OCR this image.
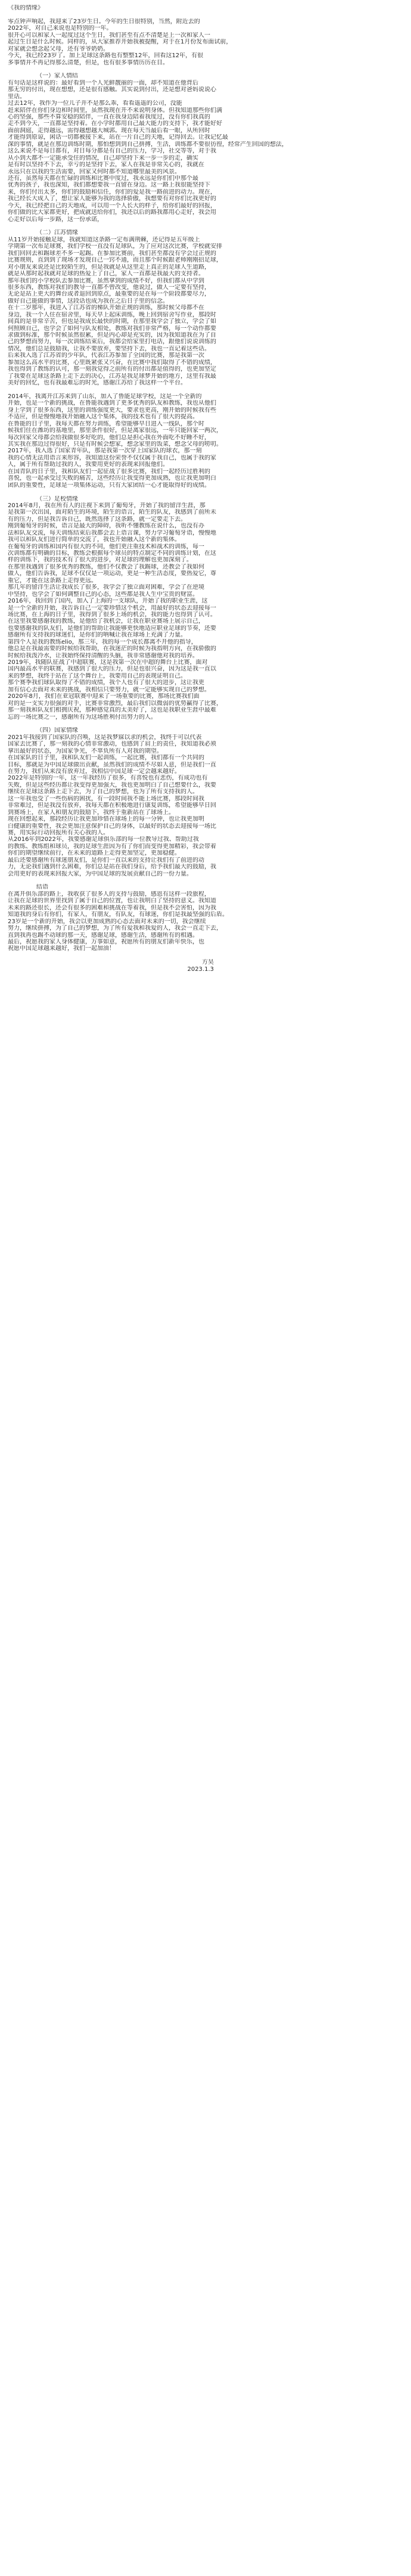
《我的情缘》
零点钟声响起，我迎来了23岁生日。今年的生日很特别，当然，附近去的
2022年，对自己来说也是特别的一年。
很开心可以和家人一起度过这个生日，我们甚至有点不清楚是上一次和家人一
起过生日是什么时候。同样的，从大家推荐开始我被提醒，对于在1月份发布面试前，
对家就会想念起父母，还有爷爷奶奶。
今天，我已经23岁了。加上足球这条路也有整整12年，回看这12年，有很
多事情并不再记得那么清楚，但是，也有很多事情历历在目。
（一）家人情结
有句话是这样说的：最好看到一个人光鲜靓丽的一面，却不知道在他背后
那无穷的付出，现在想想，还是很有感触。其实说到付出，还是想对爸妈说说心
里话。
过去12年，我作为一位儿子并不是那么乖，看看遥遥的公司，没能
赶来陪伴在你们身边和时间里，虽然我现在开不来说明身体。但我知道那些你们满
心的坚强，那些不算安稳的陪伴，一直在我身边陪着我度过，没有你们我真的
走不到今天，一直都是坚持着。在小学时都用自己最大能力的支持下，我才能好好
面前洞庭，走得越远，需得越想越大城郭。现在每天当最后看一眼，从所回时
才能得到原谅，闲话一切都被接下来，站在一片自己的天地，记得回去。让我记忆最
深的事情，就是在那边训练时期，那怕想到到自己拼搏，生活，训练都不要很彷徨，经常产生回国的想法，
这么来说不是每日都有，对日每分都是有自己的压力，学习，社交等等，对于我
从小到大都不一定能承受住的情况，自己却坚持下来一步一步的走，确实
是有时以坚持不下去，幸亏的是坚持下去，家人在我是非常关心的，我就在
永远只在以我的生活需要，回家又何时都不知道哪里最美的风景。
还有，虽然每天都在忙碌的训练和比赛中度过，我永远是你们们中那个最
优秀的孩子，我也深知，我们都想要我一直留在身边。这一路上我很能坚持下
来，你们付出太多，你们的鼓励和信任，你们的爱是我一路前进的动力。现在，
我已经长大成人了，想让家人能够为我的选择骄傲，我想要有对你们比我更好的
今天，我已经把自己的天地成，可以用一个人长大的样子，给你们最好的回报，
你们做的比大家都更好，把成就送给你们，我还以后的路我都用心走好，我会用
心走好以后每一步路，这一份承诺，
（二）江苏情缘
从11岁开始接触足球，我就知道这条路一定布满荆棘，还记得是五年级上
学期第一次布足球赛，我们学校一直没有足球队，为了应对这次比赛，学校就安排
我们回回去和踢球差不多一起踢。在参加比赛前，我们甚至都没有学会过正规的
比赛规则，直到到了现场才发现自己一窍不通，而且那个时候跟老师刚刚招足球，
对小朋友来说还是比较陌生的，但是我就是从这里走上真正的足球人生道路，
就是从那时起我就对足球的热爱上了自己，家人一直都是我最大的支持者。
那年我们的小学校队去参加比赛，虽然拿到的成绩不好，但我们都从中学到
很多东西，教练对我们的教导一直都不曾改变，他说过，做人一定要有坚持，
无论是站上更大的舞台或者退回到原点，最重要的是在每一个阶段都要尽力，
做好自己能做的事情，这段话也成为我在之后日子里的信念。
在十二岁那年，我进入了江苏省的梯队开始正规的训练，那时候父母都不在
身边，我一个人住在宿舍里，每天早上起床训练，晚上回到宿舍写作业，那段时
间真的是非常辛苦，但也是我成长最快的时期，在那里我学会了独立，学会了如
何照顾自己，也学会了如何与队友相处，教练对我们非常严格，每一个动作都要
求做到标准，那个时候虽然很累，但是内心却是充实的，因为我知道我在为了自
己的梦想而努力，每一次训练结束后，我都会给家里打电话，跟他们说说训练的
情况，他们总是鼓励我，让我不要放弃，要坚持下去，我也一直记着这些话。
后来我入选了江苏省的少年队，代表江苏参加了全国的比赛，那是我第一次
参加这么高水平的比赛，心里既紧张又兴奋，在比赛中我们取得了不错的成绩，
我也得到了教练的认可，那一刻我觉得之前所有的付出都是值得的，也更加坚定
了我要在足球这条路上走下去的决心，江苏是我足球梦开始的地方，这里有我最
美好的回忆，也有我最难忘的时光，感谢江苏给了我这样一个平台。
2014年，我离开江苏来到了山东，加入了鲁能足球学校，这是一个全新的
开始，也是一个新的挑战，在鲁能我遇到了更多优秀的队友和教练，我也从他们
身上学到了很多东西，这里的训练强度更大，要求也更高，刚开始的时候我有些
不适应，但是慢慢地我开始融入这个集体，我的技术也有了很大的提高。
在鲁能的日子里，我每天都在努力训练，希望能够早日进入一线队，那个时
候我们住在潍坊的基地里，那里条件很好，但是离家很远，一年只能回家一两次，
每次回家父母都会给我做很多好吃的，他们总是担心我在外面吃不好睡不好，
其实我在那边过得很好，只是有时候会想家，想念家里的饭菜，想念父母的唠叨。
2017年，我入选了国家青年队，那是我第一次穿上国家队的球衣，那一刻
我的心情无法用语言来形容，我知道这份荣誉不仅仅属于我自己，也属于我的家
人，属于所有帮助过我的人，我要用更好的表现来回报他们。
在国青队的日子里，我和队友们一起征战了很多比赛，我们一起经历过胜利的
喜悦，也一起承受过失败的痛苦，这些经历让我变得更加成熟，也让我更加明白
团队的重要性，足球是一项集体运动，只有大家团结一心才能取得好的成绩。
（三）足校情缘
2014年8月，我在所有人的注视下来到了葡萄牙，开始了我的留洋生涯，那
是我第一次出国，面对陌生的环境，陌生的语言，陌生的队友，我感到了前所未
有的压力，但是我告诉自己，既然选择了这条路，就一定要走下去。
刚到葡萄牙的时候，语言是最大的障碍，我听不懂教练在说什么，也没有办
法和队友交流，每天训练结束后我都会去上语言课，努力学习葡萄牙语，慢慢地
我可以和队友们进行简单的交流了，我也开始融入这个新的集体。
在葡萄牙的训练和国内有很大的不同，他们更注重技术和战术的训练，每一
次训练都有明确的目标，教练会根据每个球员的特点制定不同的训练计划，在这
样的训练下，我的技术有了很大的进步，对足球的理解也更加深刻了。
在那里我遇到了很多优秀的教练，他们不仅教会了我踢球，还教会了我如何
做人，他们告诉我，足球不仅仅是一项运动，更是一种生活态度，要热爱它，尊
重它，才能在这条路上走得更远。
那几年的留洋生活让我成长了很多，我学会了独立面对困难，学会了在逆境
中坚持，也学会了如何调整自己的心态，这些都是我人生中宝贵的财富。
2016年，我回到了国内，加入了上海的一支球队，开始了我的职业生涯，这
是一个全新的开始，我告诉自己一定要珍惜这个机会，用最好的状态去迎接每一
场比赛，在上海的日子里，我得到了很多上场的机会，我的能力也得到了认可。
在这里我要感谢我的教练，是他给了我机会，让我在职业赛场上展示自己，
也要感谢我的队友们，是他们的帮助让我能够更快地适应职业足球的节奏，还要
感谢所有支持我的球迷们，是你们的呐喊让我在球场上充满了力量。
第四个人是我的教练elio，那三年，我的每一个成长都离不开他的指导，
他总是在我最需要的时候给我帮助，在我迷茫的时候为我指明方向，在我骄傲的
时候给我泼冷水，让我始终保持清醒的头脑，我非常感谢他对我的培养。
2019年，我随队征战了中超联赛，这是我第一次在中超的舞台上比赛，面对
国内最高水平的联赛，我感到了很大的压力，但是也很兴奋，因为这是我一直以
来的梦想，我终于站在了这个舞台上，我要用自己的表现证明自己。
那个赛季我们球队取得了不错的成绩，我个人也有了很大的进步，这让我更
加有信心去面对未来的挑战，我相信只要努力，就一定能够实现自己的梦想。
2020年8月，我们在亚冠联赛中迎来了一场重要的比赛，那场比赛我们面
对的是一支实力很强的对手，比赛非常激烈，最后我们以微弱的优势赢得了比赛，
那一刻我和队友们相拥庆祝，那种感觉真的太美好了，这也是我职业生涯中最难
忘的一场比赛之一，感谢所有为这场胜利付出努力的人。
（四）国家情缘
2021年我接到了国家队的召唤，这是我梦寐以求的机会，我终于可以代表
国家去比赛了，那一刻我的心情非常激动，也感到了肩上的责任，我知道我必须
拿出最好的状态，为国家争光，不辜负所有人对我的期望。
在国家队的日子里，我和队友们一起训练，一起比赛，我们都有一个共同的
目标，那就是为中国足球做出贡献，虽然我们的成绩不尽如人意，但是我们一直
在努力，我们从来没有放弃过，我相信中国足球一定会越来越好。
2022年是特别的一年，这一年我经历了很多，有喜悦也有悲伤，有成功也有
失败，但是这些经历都让我变得更加强大，我也更加明白了自己想要什么，我要
继续在足球这条路上走下去，为了自己的梦想，也为了所有支持我的人。
这一年我也受了一些伤病的困扰，有一段时间我不能上场比赛，那段时间我
非常难过，但是我没有放弃，我每天都在积极地进行康复训练，希望能够早日回
到赛场上，在家人和朋友的鼓励下，我终于重新站在了球场上。
现在回想起来，那段经历让我更加珍惜在球场上的每一分钟，也让我更加明
白健康的重要性，我会更加注意保护自己的身体，以最好的状态去迎接每一场比
赛，用实际行动回报所有关心我的人。
从2016年到2022年，我要感谢足球俱乐部的每一位教导过我、帮助过我
的教练、教练组和球员，我的足球生涯因为有了你们而变得更加精彩，我会带着
你们的期望继续前行，在未来的道路上走得更加坚定，更加稳健。
最后还要感谢所有球迷朋友们，是你们一直以来的支持让我们有了前进的动
力，无论我们遇到什么困难，你们总是站在我们身后，给予我们最大的鼓励，我
会用更好的表现来回报大家，为中国足球的发展贡献自己的一份力量。
结语
在离开俱乐部的路上，我收获了很多人的支持与鼓励，感恩有这样一段旅程，
让我在足球的世界里找到了属于自己的位置，也让我明白了坚持的意义。我知道
未来的路还很长，还会有很多的困难和挑战在等着我，但是我不会害怕，因为我
知道我的身后有你们，有家人，有朋友，有队友，有球迷，你们是我最坚强的后盾。
23岁是一个新的开始，我会以更加成熟的心态去面对未来的一切，我会继续
努力，继续拼搏，为了自己的梦想，为了所有爱我和我爱的人，我会一直走下去，
直到我再也踢不动球的那一天，感谢足球，感谢生活，感谢所有的相遇。
最后，祝愿我的家人身体健康，万事如意，祝愿所有的朋友们新年快乐，也
祝愿中国足球越来越好，我们一起加油！
方昊
2023.1.3
